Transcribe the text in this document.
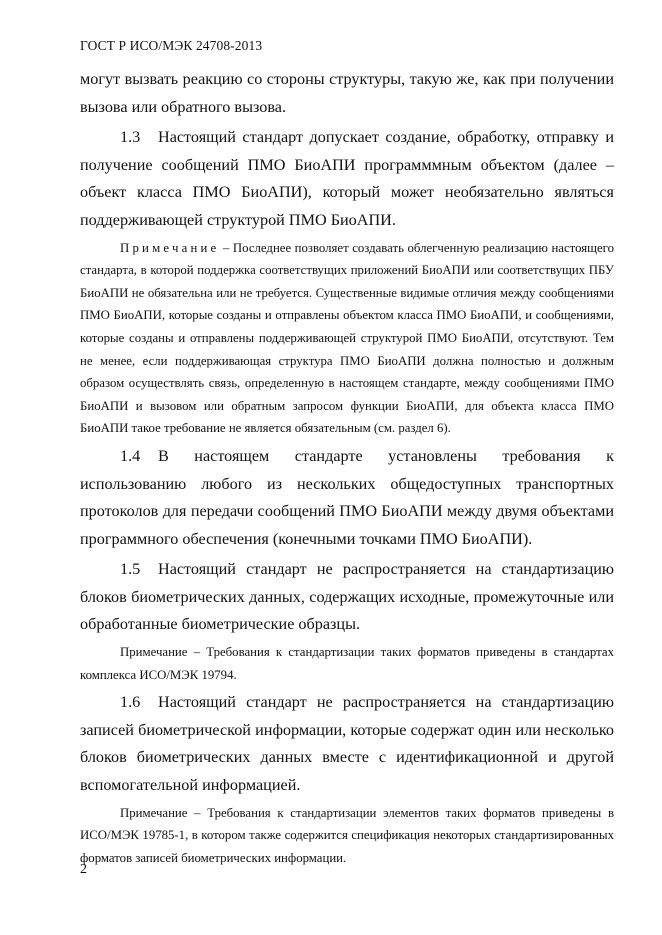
ГОСТ Р ИСО/МЭК 24708-2013

могут вызвать реакцию со стороны структуры, такую же, как при получении вызова или обратного вызова.

1.3 Настоящий стандарт допускает создание, обработку, отправку и получение сообщений ПМО БиоАПИ программмным объектом (далее – объект класса ПМО БиоАПИ), который может необязательно являться поддерживающей структурой ПМО БиоАПИ.

Примечание – Последнее позволяет создавать облегченную реализацию настоящего стандарта, в которой поддержка соответствущих приложений БиоАПИ или соответствущих ПБУ БиоАПИ не обязательна или не требуется. Существенные видимые отличия между сообщениями ПМО БиоАПИ, которые созданы и отправлены объектом класса ПМО БиоАПИ, и сообщениями, которые созданы и отправлены поддерживающей структурой ПМО БиоАПИ, отсутствуют. Тем не менее, если поддерживающая структура ПМО БиоАПИ должна полностью и должным образом осуществлять связь, определенную в настоящем стандарте, между сообщениями ПМО БиоАПИ и вызовом или обратным запросом функции БиоАПИ, для объекта класса ПМО БиоАПИ такое требование не является обязательным (см. раздел 6).

1.4 В настоящем стандарте установлены требования к использованию любого из нескольких общедоступных транспортных протоколов для передачи сообщений ПМО БиоАПИ между двумя объектами программного обеспечения (конечными точками ПМО БиоАПИ).

1.5 Настоящий стандарт не распространяется на стандартизацию блоков биометрических данных, содержащих исходные, промежуточные или обработанные биометрические образцы.

Примечание – Требования к стандартизации таких форматов приведены в стандартах комплекса ИСО/МЭК 19794.

1.6 Настоящий стандарт не распространяется на стандартизацию записей биометрической информации, которые содержат один или несколько блоков биометрических данных вместе с идентификационной и другой вспомогательной информацией.

Примечание – Требования к стандартизации элементов таких форматов приведены в ИСО/МЭК 19785-1, в котором также содержится спецификация некоторых стандартизированных форматов записей биометрических информации.

2
